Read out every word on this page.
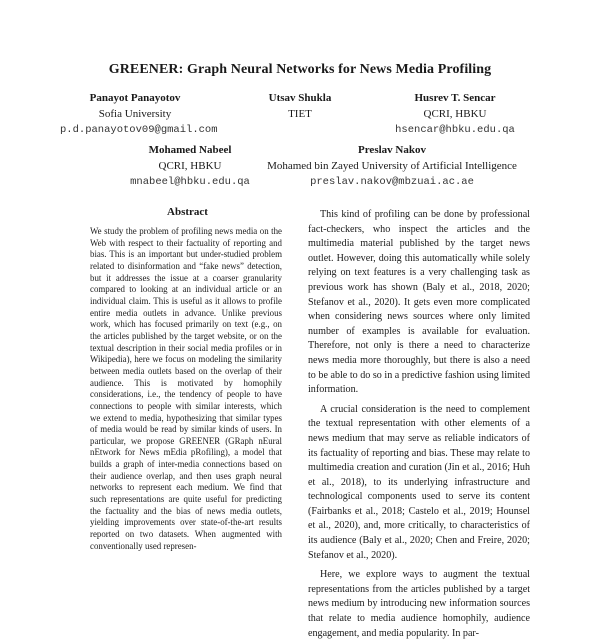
GREENER: Graph Neural Networks for News Media Profiling
Panayot Panayotov
Sofia University
p.d.panayotov09@gmail.com
Utsav Shukla
TIET
Husrev T. Sencar
QCRI, HBKU
hsencar@hbku.edu.qa
Mohamed Nabeel
QCRI, HBKU
mnabeel@hbku.edu.qa
Preslav Nakov
Mohamed bin Zayed University of Artificial Intelligence
preslav.nakov@mbzuai.ac.ae
Abstract
We study the problem of profiling news media on the Web with respect to their factuality of reporting and bias. This is an important but under-studied problem related to disinformation and “fake news” detection, but it addresses the issue at a coarser granularity compared to looking at an individual article or an individual claim. This is useful as it allows to profile entire media outlets in advance. Unlike previous work, which has focused primarily on text (e.g., on the articles published by the target website, or on the textual description in their social media profiles or in Wikipedia), here we focus on modeling the similarity between media outlets based on the overlap of their audience. This is motivated by homophily considerations, i.e., the tendency of people to have connections to people with similar interests, which we extend to media, hypothesizing that similar types of media would be read by similar kinds of users. In particular, we propose GREENER (GRaph nEural nEtwork for News mEdia pRofiling), a model that builds a graph of inter-media connections based on their audience overlap, and then uses graph neural networks to represent each medium. We find that such representations are quite useful for predicting the factuality and the bias of news media outlets, yielding improvements over state-of-the-art results reported on two datasets. When augmented with conventionally used represen-

This kind of profiling can be done by professional fact-checkers, who inspect the articles and the multimedia material published by the target news outlet. However, doing this automatically while solely relying on text features is a very challenging task as previous work has shown (Baly et al., 2018, 2020; Stefanov et al., 2020). It gets even more complicated when considering news sources where only limited number of examples is available for evaluation. Therefore, not only is there a need to characterize news media more thoroughly, but there is also a need to be able to do so in a predictive fashion using limited information.

A crucial consideration is the need to complement the textual representation with other elements of a news medium that may serve as reliable indicators of its factuality of reporting and bias. These may relate to multimedia creation and curation (Jin et al., 2016; Huh et al., 2018), to its underlying infrastructure and technological components used to serve its content (Fairbanks et al., 2018; Castelo et al., 2019; Hounsel et al., 2020), and, more critically, to characteristics of its audience (Baly et al., 2020; Chen and Freire, 2020; Stefanov et al., 2020).

Here, we explore ways to augment the textual representations from the articles published by a target news medium by introducing new information sources that relate to media audience homophily, audience engagement, and media popularity. In par-
